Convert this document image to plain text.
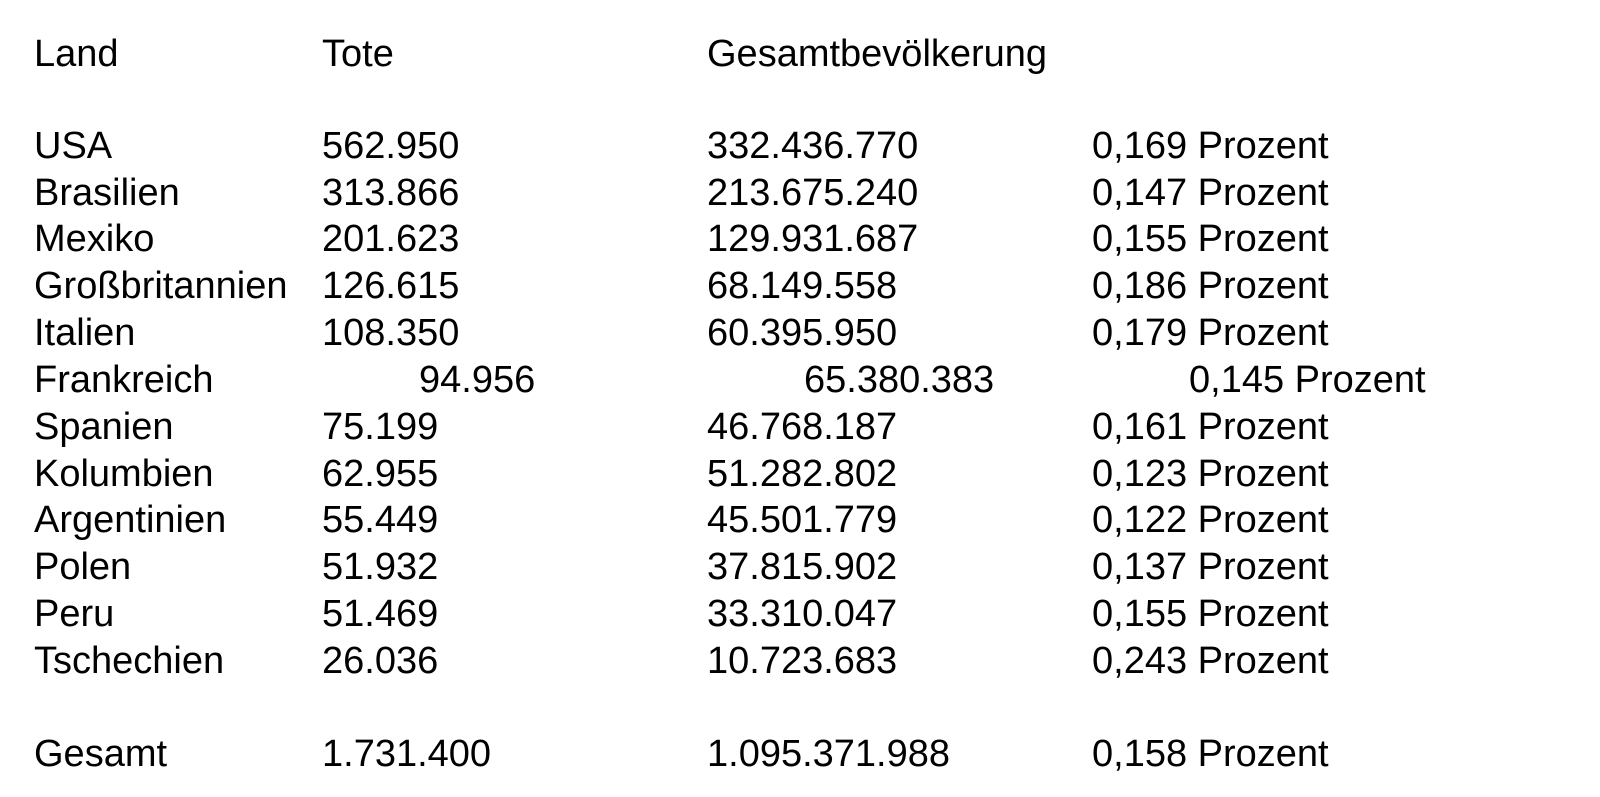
Land	Tote	Gesamtbevölkerung
USA	562.950	332.436.770	0,169 Prozent
Brasilien	313.866	213.675.240	0,147 Prozent
Mexiko	201.623	129.931.687	0,155 Prozent
Großbritannien 126.615	68.149.558	0,186 Prozent
Italien	108.350	60.395.950	0,179 Prozent
Frankreich	94.956	65.380.383	0,145 Prozent
Spanien	75.199	46.768.187	0,161 Prozent
Kolumbien	62.955	51.282.802	0,123 Prozent
Argentinien	55.449	45.501.779	0,122 Prozent
Polen	51.932	37.815.902	0,137 Prozent
Peru	51.469	33.310.047	0,155 Prozent
Tschechien	26.036	10.723.683	0,243 Prozent
Gesamt	1.731.400	1.095.371.988	0,158 Prozent
